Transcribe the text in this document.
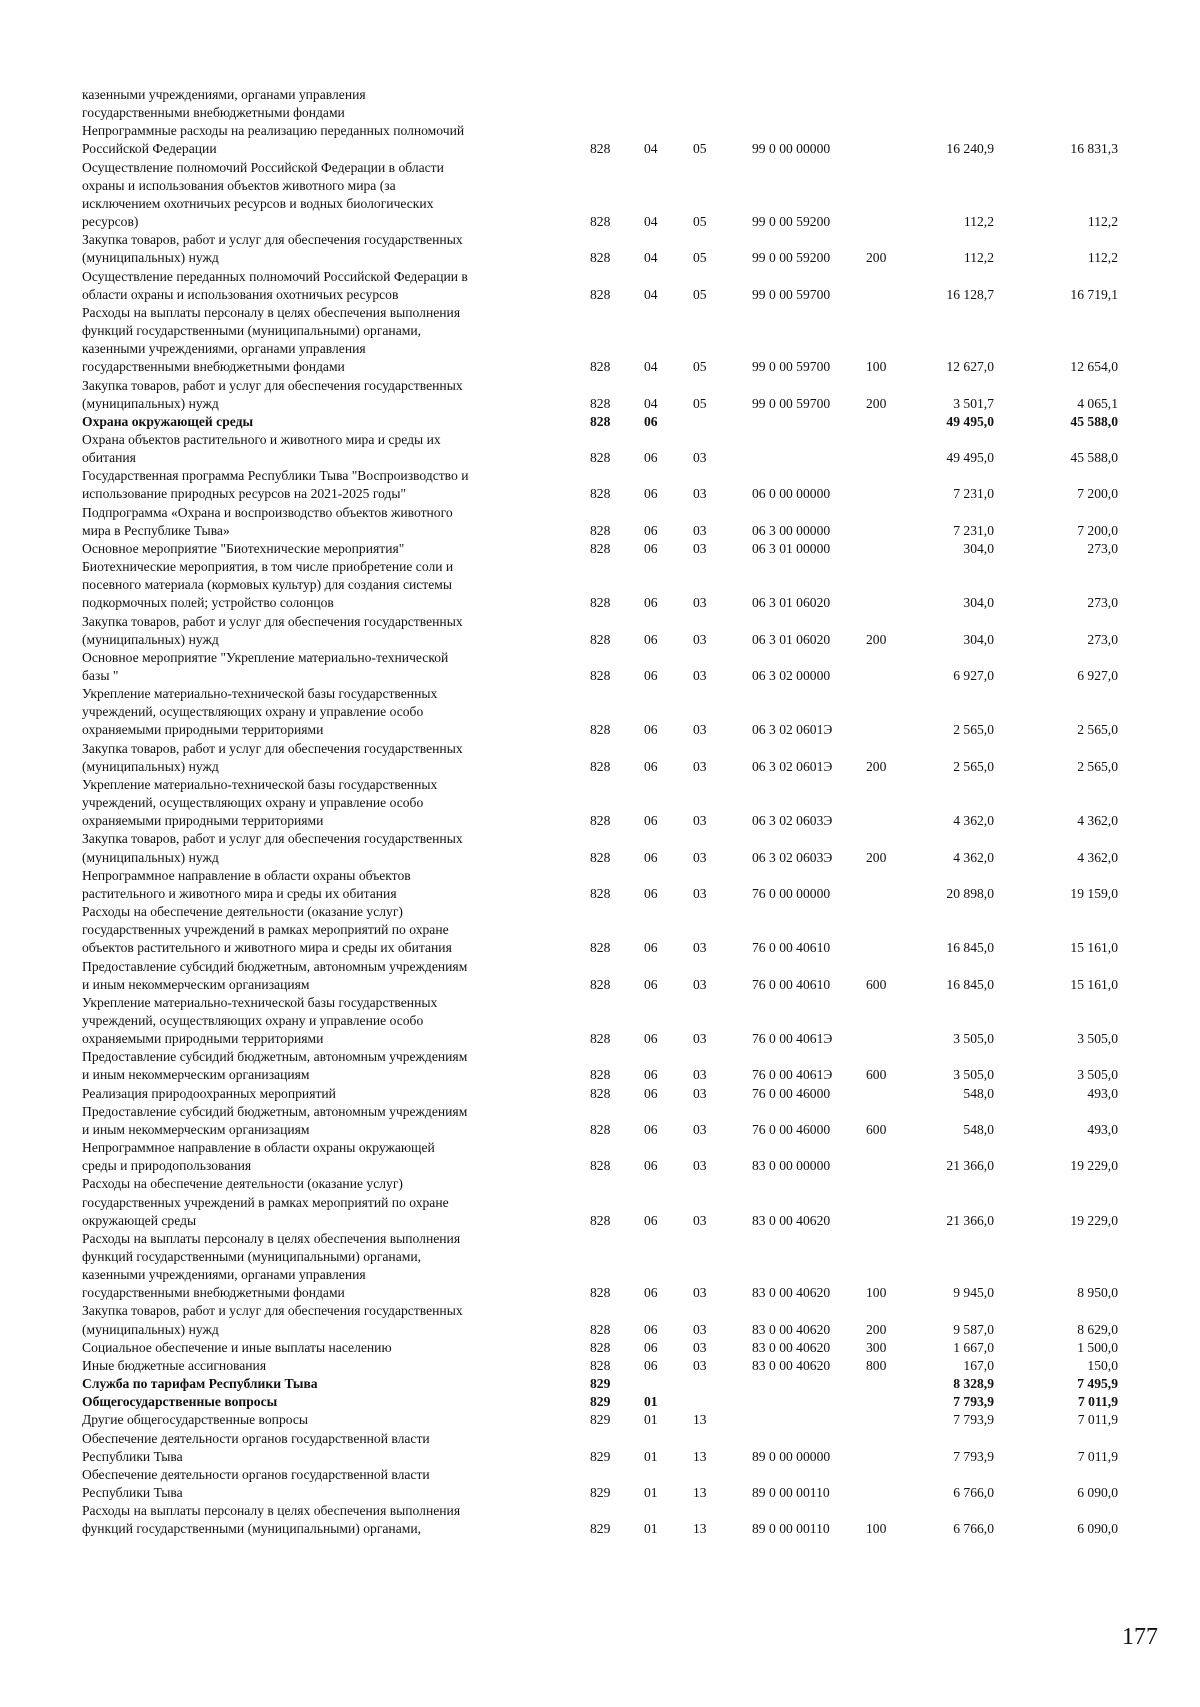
казенными учреждениями, органами управления
государственными внебюджетными фондами
Непрограммные расходы на реализацию переданных полномочий
Российской Федерации	828 04	05	99 0 00 00000	16 240,9	16 831,3
Осуществление полномочий Российской Федерации в области
охраны и использования объектов животного мира (за
исключением охотничьих ресурсов и водных биологических
ресурсов)	828 04	05	99 0 00 59200	112,2	112,2
Закупка товаров, работ и услуг для обеспечения государственных
(муниципальных) нужд	828 04	05	99 0 00 59200	200	112,2	112,2
Осуществление переданных полномочий Российской Федерации в
области охраны и использования охотничьих ресурсов	828 04	05	99 0 00 59700	16 128,7	16 719,1
Расходы на выплаты персоналу в целях обеспечения выполнения
функций государственными (муниципальными) органами,
казенными учреждениями, органами управления
государственными внебюджетными фондами	828 04	05	99 0 00 59700	100	12 627,0	12 654,0
Закупка товаров, работ и услуг для обеспечения государственных
(муниципальных) нужд	828 04	05	99 0 00 59700	200	3 501,7	4 065,1
Охрана окружающей среды	828 06	49 495,0	45 588,0
Охрана объектов растительного и животного мира и среды их
обитания	828 06	03	49 495,0	45 588,0
Государственная программа Республики Тыва "Воспроизводство и
использование природных ресурсов на 2021-2025 годы"	828 06	03	06 0 00 00000	7 231,0	7 200,0
Подпрограмма «Охрана и воспроизводство объектов животного
мира в Республике Тыва»	828 06	03	06 3 00 00000	7 231,0	7 200,0
Основное мероприятие "Биотехнические мероприятия"	828 06	03	06 3 01 00000	304,0	273,0
Биотехнические мероприятия, в том числе приобретение соли и
посевного материала (кормовых культур) для создания системы
подкормочных полей; устройство солонцов	828 06	03	06 3 01 06020	304,0	273,0
Закупка товаров, работ и услуг для обеспечения государственных
(муниципальных) нужд	828 06	03	06 3 01 06020	200	304,0	273,0
Основное мероприятие "Укрепление материально-технической
базы "	828 06	03	06 3 02 00000	6 927,0	6 927,0
Укрепление материально-технической базы государственных
учреждений, осуществляющих охрану и управление особо
охраняемыми природными территориями	828 06	03	06 3 02 0601Э	2 565,0	2 565,0
Закупка товаров, работ и услуг для обеспечения государственных
(муниципальных) нужд	828 06	03	06 3 02 0601Э 200	2 565,0	2 565,0
Укрепление материально-технической базы государственных
учреждений, осуществляющих охрану и управление особо
охраняемыми природными территориями	828 06	03	06 3 02 0603Э	4 362,0	4 362,0
Закупка товаров, работ и услуг для обеспечения государственных
(муниципальных) нужд	828 06	03	06 3 02 0603Э 200	4 362,0	4 362,0
Непрограммное направление в области охраны объектов
растительного и животного мира и среды их обитания	828 06	03	76 0 00 00000	20 898,0	19 159,0
Расходы на обеспечение деятельности (оказание услуг)
государственных учреждений в рамках мероприятий по охране
объектов растительного и животного мира и среды их обитания	828 06	03	76 0 00 40610	16 845,0	15 161,0
Предоставление субсидий бюджетным, автономным учреждениям
и иным некоммерческим организациям	828 06	03	76 0 00 40610	600	16 845,0	15 161,0
Укрепление материально-технической базы государственных
учреждений, осуществляющих охрану и управление особо
охраняемыми природными территориями	828 06	03	76 0 00 4061Э	3 505,0	3 505,0
Предоставление субсидий бюджетным, автономным учреждениям
и иным некоммерческим организациям	828 06	03	76 0 00 4061Э 600	3 505,0	3 505,0
Реализация природоохранных мероприятий	828 06	03	76 0 00 46000	548,0	493,0
Предоставление субсидий бюджетным, автономным учреждениям
и иным некоммерческим организациям	828 06	03	76 0 00 46000	600	548,0	493,0
Непрограммное направление в области охраны окружающей
среды и природопользования	828 06	03	83 0 00 00000	21 366,0	19 229,0
Расходы на обеспечение деятельности (оказание услуг)
государственных учреждений в рамках мероприятий по охране
окружающей среды	828 06	03	83 0 00 40620	21 366,0	19 229,0
Расходы на выплаты персоналу в целях обеспечения выполнения
функций государственными (муниципальными) органами,
казенными учреждениями, органами управления
государственными внебюджетными фондами	828 06	03	83 0 00 40620	100	9 945,0	8 950,0
Закупка товаров, работ и услуг для обеспечения государственных
(муниципальных) нужд	828 06	03	83 0 00 40620	200	9 587,0	8 629,0
Социальное обеспечение и иные выплаты населению	828 06	03	83 0 00 40620	300	1 667,0	1 500,0
Иные бюджетные ассигнования	828 06	03	83 0 00 40620	800	167,0	150,0
Служба по тарифам Республики Тыва	829	8 328,9	7 495,9
Общегосударственные вопросы	829 01	7 793,9	7 011,9
Другие общегосударственные вопросы	829 01	13	7 793,9	7 011,9
Обеспечение деятельности органов государственной власти
Республики Тыва	829 01	13	89 0 00 00000	7 793,9	7 011,9
Обеспечение деятельности органов государственной власти
Республики Тыва	829 01	13	89 0 00 00110	6 766,0	6 090,0
Расходы на выплаты персоналу в целях обеспечения выполнения
функций государственными (муниципальными) органами,	829 01	13	89 0 00 00110	100	6 766,0	6 090,0
177
